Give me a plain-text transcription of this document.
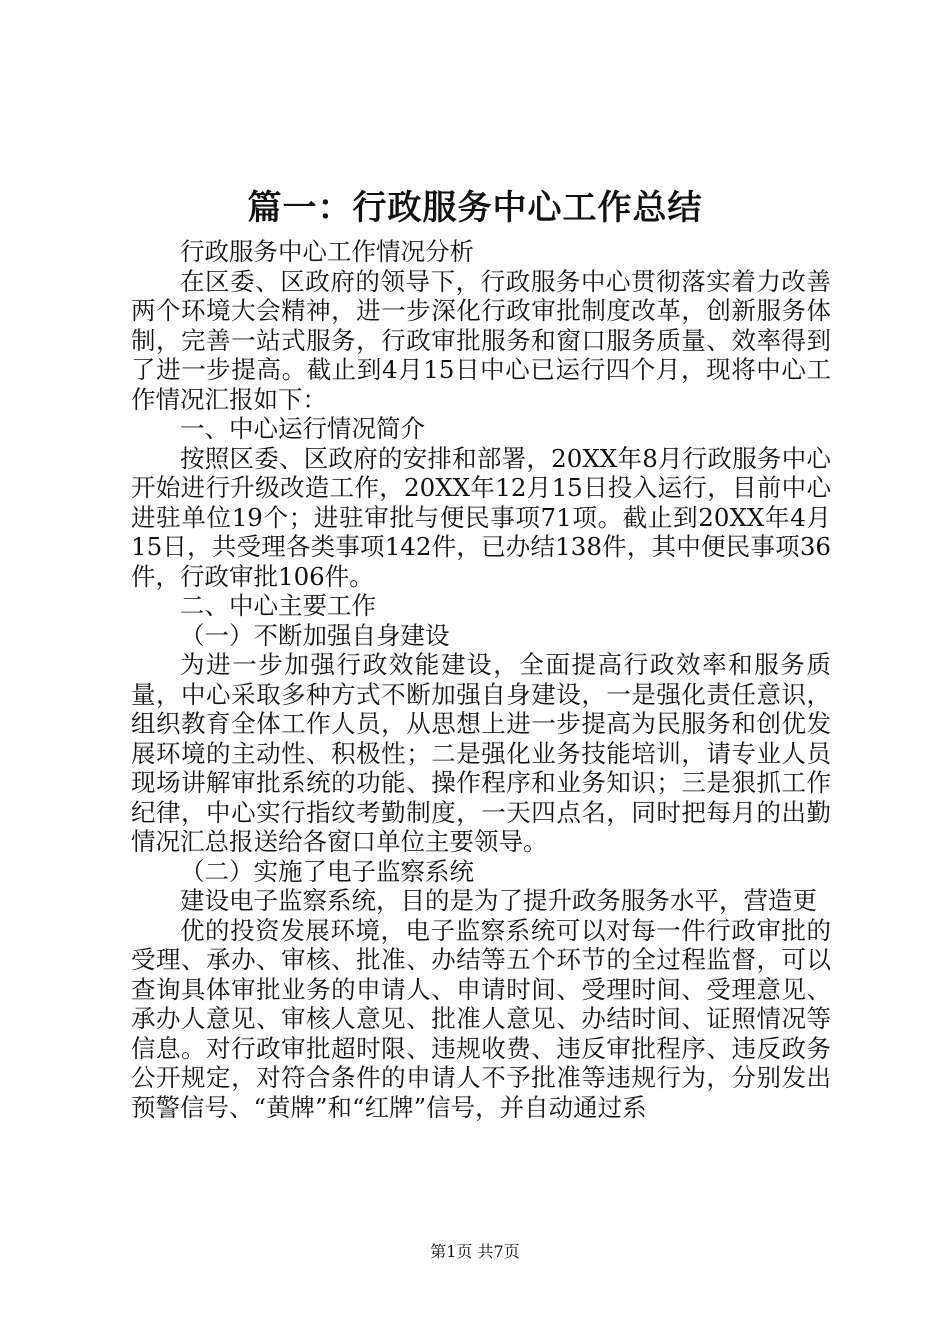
篇一：行政服务中心工作总结

行政服务中心工作情况分析

在区委、区政府的领导下，行政服务中心贯彻落实着力改善两个环境大会精神，进一步深化行政审批制度改革，创新服务体制，完善一站式服务，行政审批服务和窗口服务质量、效率得到了进一步提高。截止到4月15日中心已运行四个月，现将中心工作情况汇报如下：

一、中心运行情况简介

按照区委、区政府的安排和部署，20XX年8月行政服务中心开始进行升级改造工作，20XX年12月15日投入运行，目前中心进驻单位19个；进驻审批与便民事项71项。截止到20XX年4月15日，共受理各类事项142件，已办结138件，其中便民事项36件，行政审批106件。

二、中心主要工作

（一）不断加强自身建设

为进一步加强行政效能建设，全面提高行政效率和服务质量，中心采取多种方式不断加强自身建设，一是强化责任意识，组织教育全体工作人员，从思想上进一步提高为民服务和创优发展环境的主动性、积极性；二是强化业务技能培训，请专业人员现场讲解审批系统的功能、操作程序和业务知识；三是狠抓工作纪律，中心实行指纹考勤制度，一天四点名，同时把每月的出勤情况汇总报送给各窗口单位主要领导。

（二）实施了电子监察系统

建设电子监察系统，目的是为了提升政务服务水平，营造更

优的投资发展环境，电子监察系统可以对每一件行政审批的受理、承办、审核、批准、办结等五个环节的全过程监督，可以查询具体审批业务的申请人、申请时间、受理时间、受理意见、承办人意见、审核人意见、批准人意见、办结时间、证照情况等信息。对行政审批超时限、违规收费、违反审批程序、违反政务公开规定，对符合条件的申请人不予批准等违规行为，分别发出预警信号、“黄牌”和“红牌”信号，并自动通过系

第1页 共7页
